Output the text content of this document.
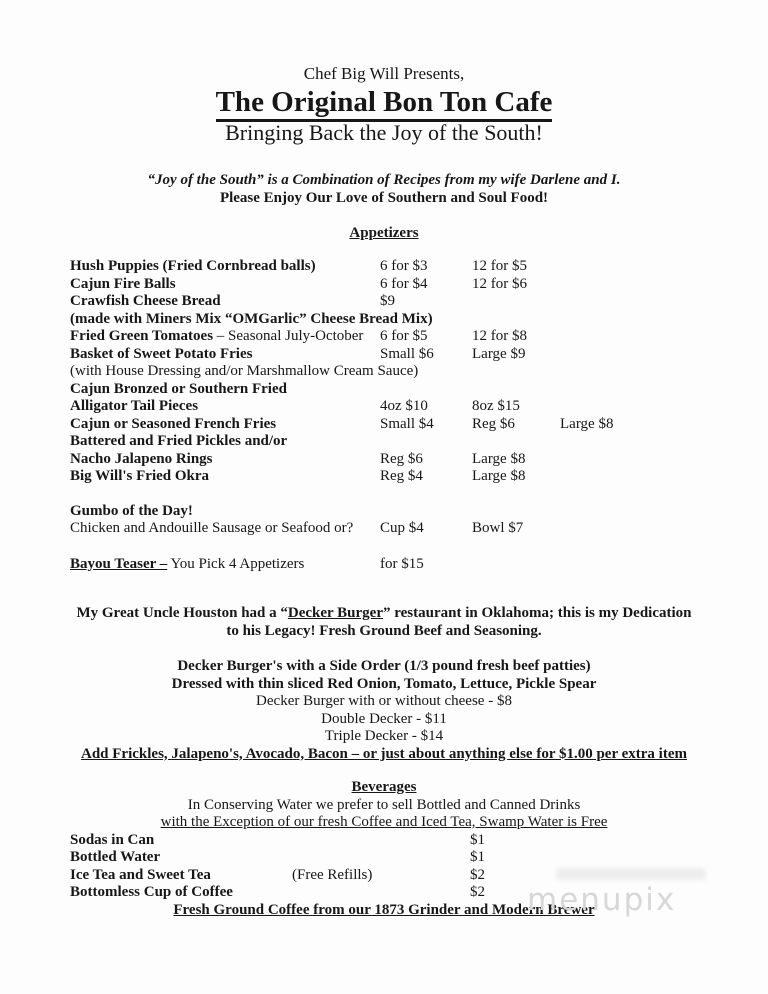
Chef Big Will Presents,
The Original Bon Ton Cafe
Bringing Back the Joy of the South!
“Joy of the South” is a Combination of Recipes from my wife Darlene and I.
Please Enjoy Our Love of Southern and Soul Food!
Appetizers
Hush Puppies (Fried Cornbread balls)	6 for $3	12 for $5
Cajun Fire Balls	6 for $4	12 for $6
Crawfish Cheese Bread	$9
(made with Miners Mix “OMGarlic” Cheese Bread Mix)
Fried Green Tomatoes – Seasonal July-October	6 for $5	12 for $8
Basket of Sweet Potato Fries	Small $6	Large $9
(with House Dressing and/or Marshmallow Cream Sauce)
Cajun Bronzed or Southern Fried
Alligator Tail Pieces	4oz $10	8oz $15
Cajun or Seasoned French Fries	Small $4	Reg $6	Large $8
Battered and Fried Pickles and/or
Nacho Jalapeno Rings	Reg $6	Large $8
Big Will's Fried Okra	Reg $4	Large $8
Gumbo of the Day!
Chicken and Andouille Sausage or Seafood or?	Cup $4	Bowl $7
Bayou Teaser – You Pick 4 Appetizers	for $15
My Great Uncle Houston had a “Decker Burger” restaurant in Oklahoma; this is my Dedication
to his Legacy! Fresh Ground Beef and Seasoning.
Decker Burger's with a Side Order (1/3 pound fresh beef patties)
Dressed with thin sliced Red Onion, Tomato, Lettuce, Pickle Spear
Decker Burger with or without cheese - $8
Double Decker - $11
Triple Decker - $14
Add Frickles, Jalapeno's, Avocado, Bacon – or just about anything else for $1.00 per extra item
Beverages
In Conserving Water we prefer to sell Bottled and Canned Drinks
with the Exception of our fresh Coffee and Iced Tea, Swamp Water is Free
Sodas in Can	$1
Bottled Water	$1
Ice Tea and Sweet Tea	(Free Refills)	$2
Bottomless Cup of Coffee	$2
Fresh Ground Coffee from our 1873 Grinder and Modern Brewer
menupix
